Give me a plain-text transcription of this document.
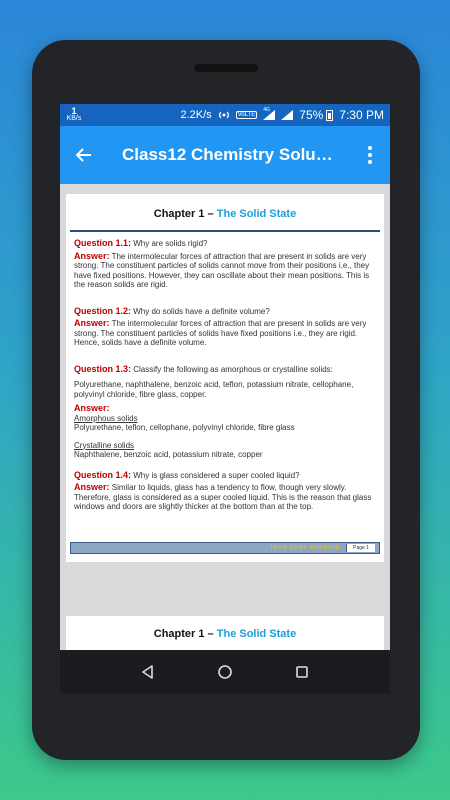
1
KB/s	2.2K/s	VoLTE
4G 75% 7:30 PM
Class12 Chemistry Solu…
Chapter 1 – The Solid State
Question 1.1: Why are solids rigid?
Answer: The intermolecular forces of attraction that are present in solids are very strong. The constituent particles of solids cannot move from their positions i.e., they have fixed positions. However, they can oscillate about their mean positions. This is the reason solids are rigid.
Question 1.2: Why do solids have a definite volume?
Answer: The intermolecular forces of attraction that are present in solids are very strong. The constituent particles of solids have fixed positions i.e., they are rigid. Hence, solids have a definite volume.
Question 1.3: Classify the following as amorphous or crystalline solids:
Polyurethane, naphthalene, benzoic acid, teflon, potassium nitrate, cellophane, polyvinyl chloride, fibre glass, copper.
Answer:
Amorphous solids
Polyurethane, teflon, cellophane, polyvinyl chloride, fibre glass
Crystalline solids
Naphthalene, benzoic acid, potassium nitrate, copper
Question 1.4: Why is glass considered a super cooled liquid?
Answer: Similar to liquids, glass has a tendency to flow, though very slowly. Therefore, glass is considered as a super cooled liquid. This is the reason that glass windows and doors are slightly thicker at the bottom than at the top.
TECH EASY ANDROID	Page 1
Chapter 1 – The Solid State
